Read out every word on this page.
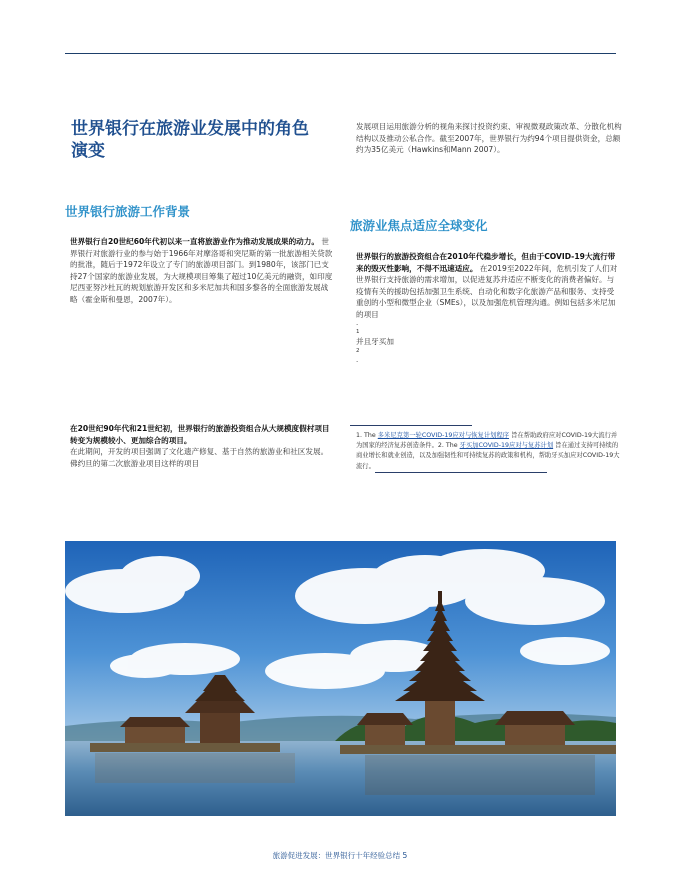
世界银行在旅游业发展中的角色演变

发展项目运用旅游分析的视角来探讨投资约束、审视微观政策改革、分散化机构结构以及推动公私合作。截至2007年，世界银行为约94个项目提供资金，总额约为35亿美元（Hawkins和Mann 2007）。

世界银行旅游工作背景

世界银行自20世纪60年代初以来一直将旅游业作为推动发展成果的动力。 世界银行对旅游行业的参与始于1966年对摩洛哥和突尼斯的第一批旅游相关贷款的批准，随后于1972年设立了专门的旅游项目部门。到1980年，该部门已支持27个国家的旅游业发展，为大规模项目筹集了超过10亿美元的融资，如印度尼西亚努沙杜瓦的规划旅游开发区和多米尼加共和国多黎各的全面旅游发展战略（霍金斯和曼恩，2007年）。

在20世纪90年代和21世纪初，世界银行的旅游投资组合从大规模度假村项目转变为规模较小、更加综合的项目。
在此期间，开发的项目强调了文化遗产修复、基于自然的旅游业和社区发展。佛约旦的第二次旅游业项目这样的项目

旅游业焦点适应全球变化

世界银行的旅游投资组合在2010年代稳步增长，但由于COVID-19大流行带来的毁灭性影响，不得不迅速适应。 在2019至2022年间，危机引发了人们对世界银行支持旅游的需求增加，以促进复苏并适应不断变化的消费者偏好。与疫情有关的援助包括加强卫生系统、自动化和数字化旅游产品和服务、支持受重创的小型和微型企业（SMEs），以及加强危机管理沟通。例如包括多米尼加的项目

.

1

并且牙买加

2

.

1. The 多米尼克第一轮COVID-19应对与恢复计划程序 旨在帮助政府应对COVID-19大流行并为国家的经济复苏创造条件。2. The 牙买加COVID-19应对与复苏计划 旨在通过支持可持续的商业增长和就业创造，以及加强韧性和可持续复苏的政策和机构，帮助牙买加应对COVID-19大流行。

旅游促进发展：世界银行十年经验总结 5
